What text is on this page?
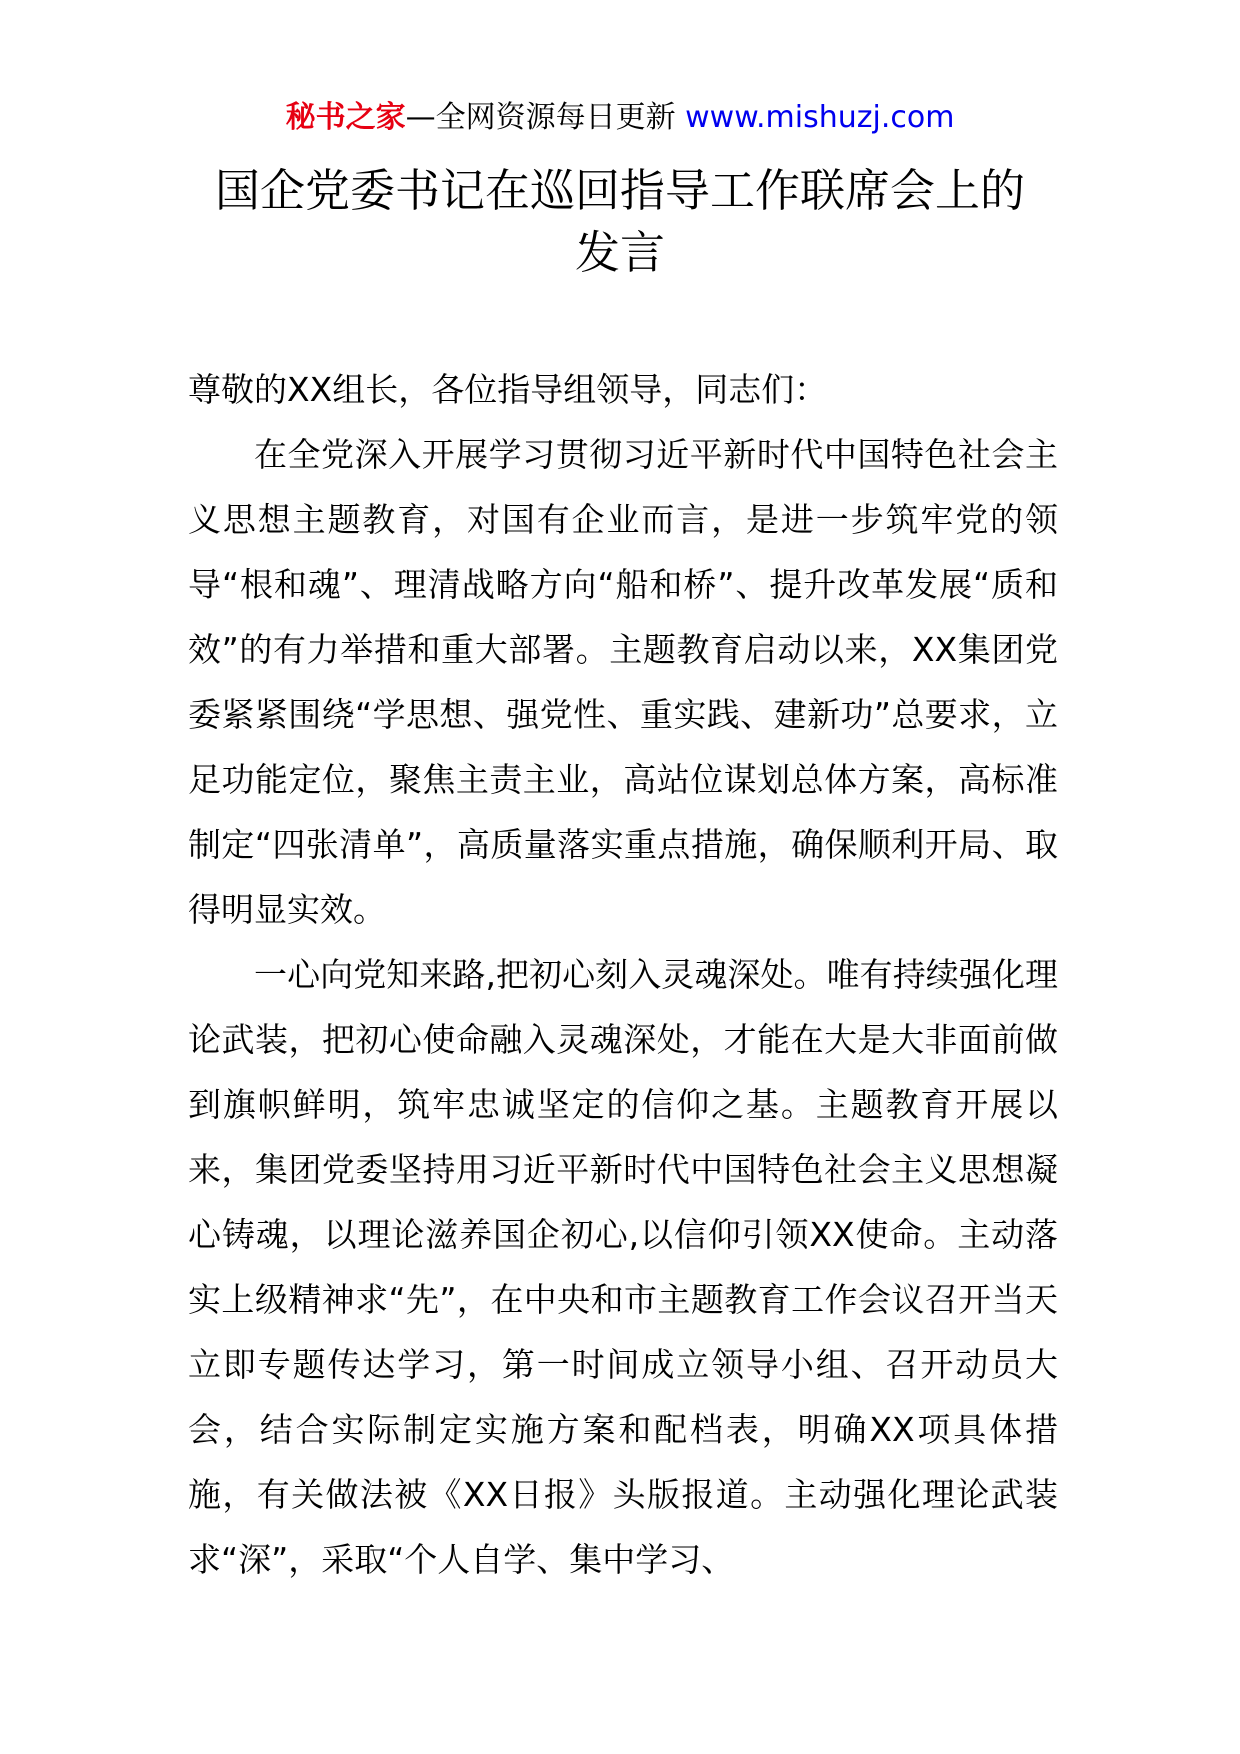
秘书之家—全网资源每日更新 www.mishuzj.com
国企党委书记在巡回指导工作联席会上的
发言

尊敬的XX组长，各位指导组领导，同志们：

在全党深入开展学习贯彻习近平新时代中国特色社会主义思想主题教育，对国有企业而言，是进一步筑牢党的领导“根和魂”、理清战略方向“船和桥”、提升改革发展“质和效”的有力举措和重大部署。主题教育启动以来，XX集团党委紧紧围绕“学思想、强党性、重实践、建新功”总要求，立足功能定位，聚焦主责主业，高站位谋划总体方案，高标准制定“四张清单”，高质量落实重点措施，确保顺利开局、取得明显实效。

一心向党知来路,把初心刻入灵魂深处。唯有持续强化理论武装，把初心使命融入灵魂深处，才能在大是大非面前做到旗帜鲜明，筑牢忠诚坚定的信仰之基。主题教育开展以来，集团党委坚持用习近平新时代中国特色社会主义思想凝心铸魂，以理论滋养国企初心,以信仰引领XX使命。主动落实上级精神求“先”，在中央和市主题教育工作会议召开当天立即专题传达学习，第一时间成立领导小组、召开动员大会，结合实际制定实施方案和配档表，明确XX项具体措施，有关做法被《XX日报》头版报道。主动强化理论武装求“深”，采取“个人自学、集中学习、
